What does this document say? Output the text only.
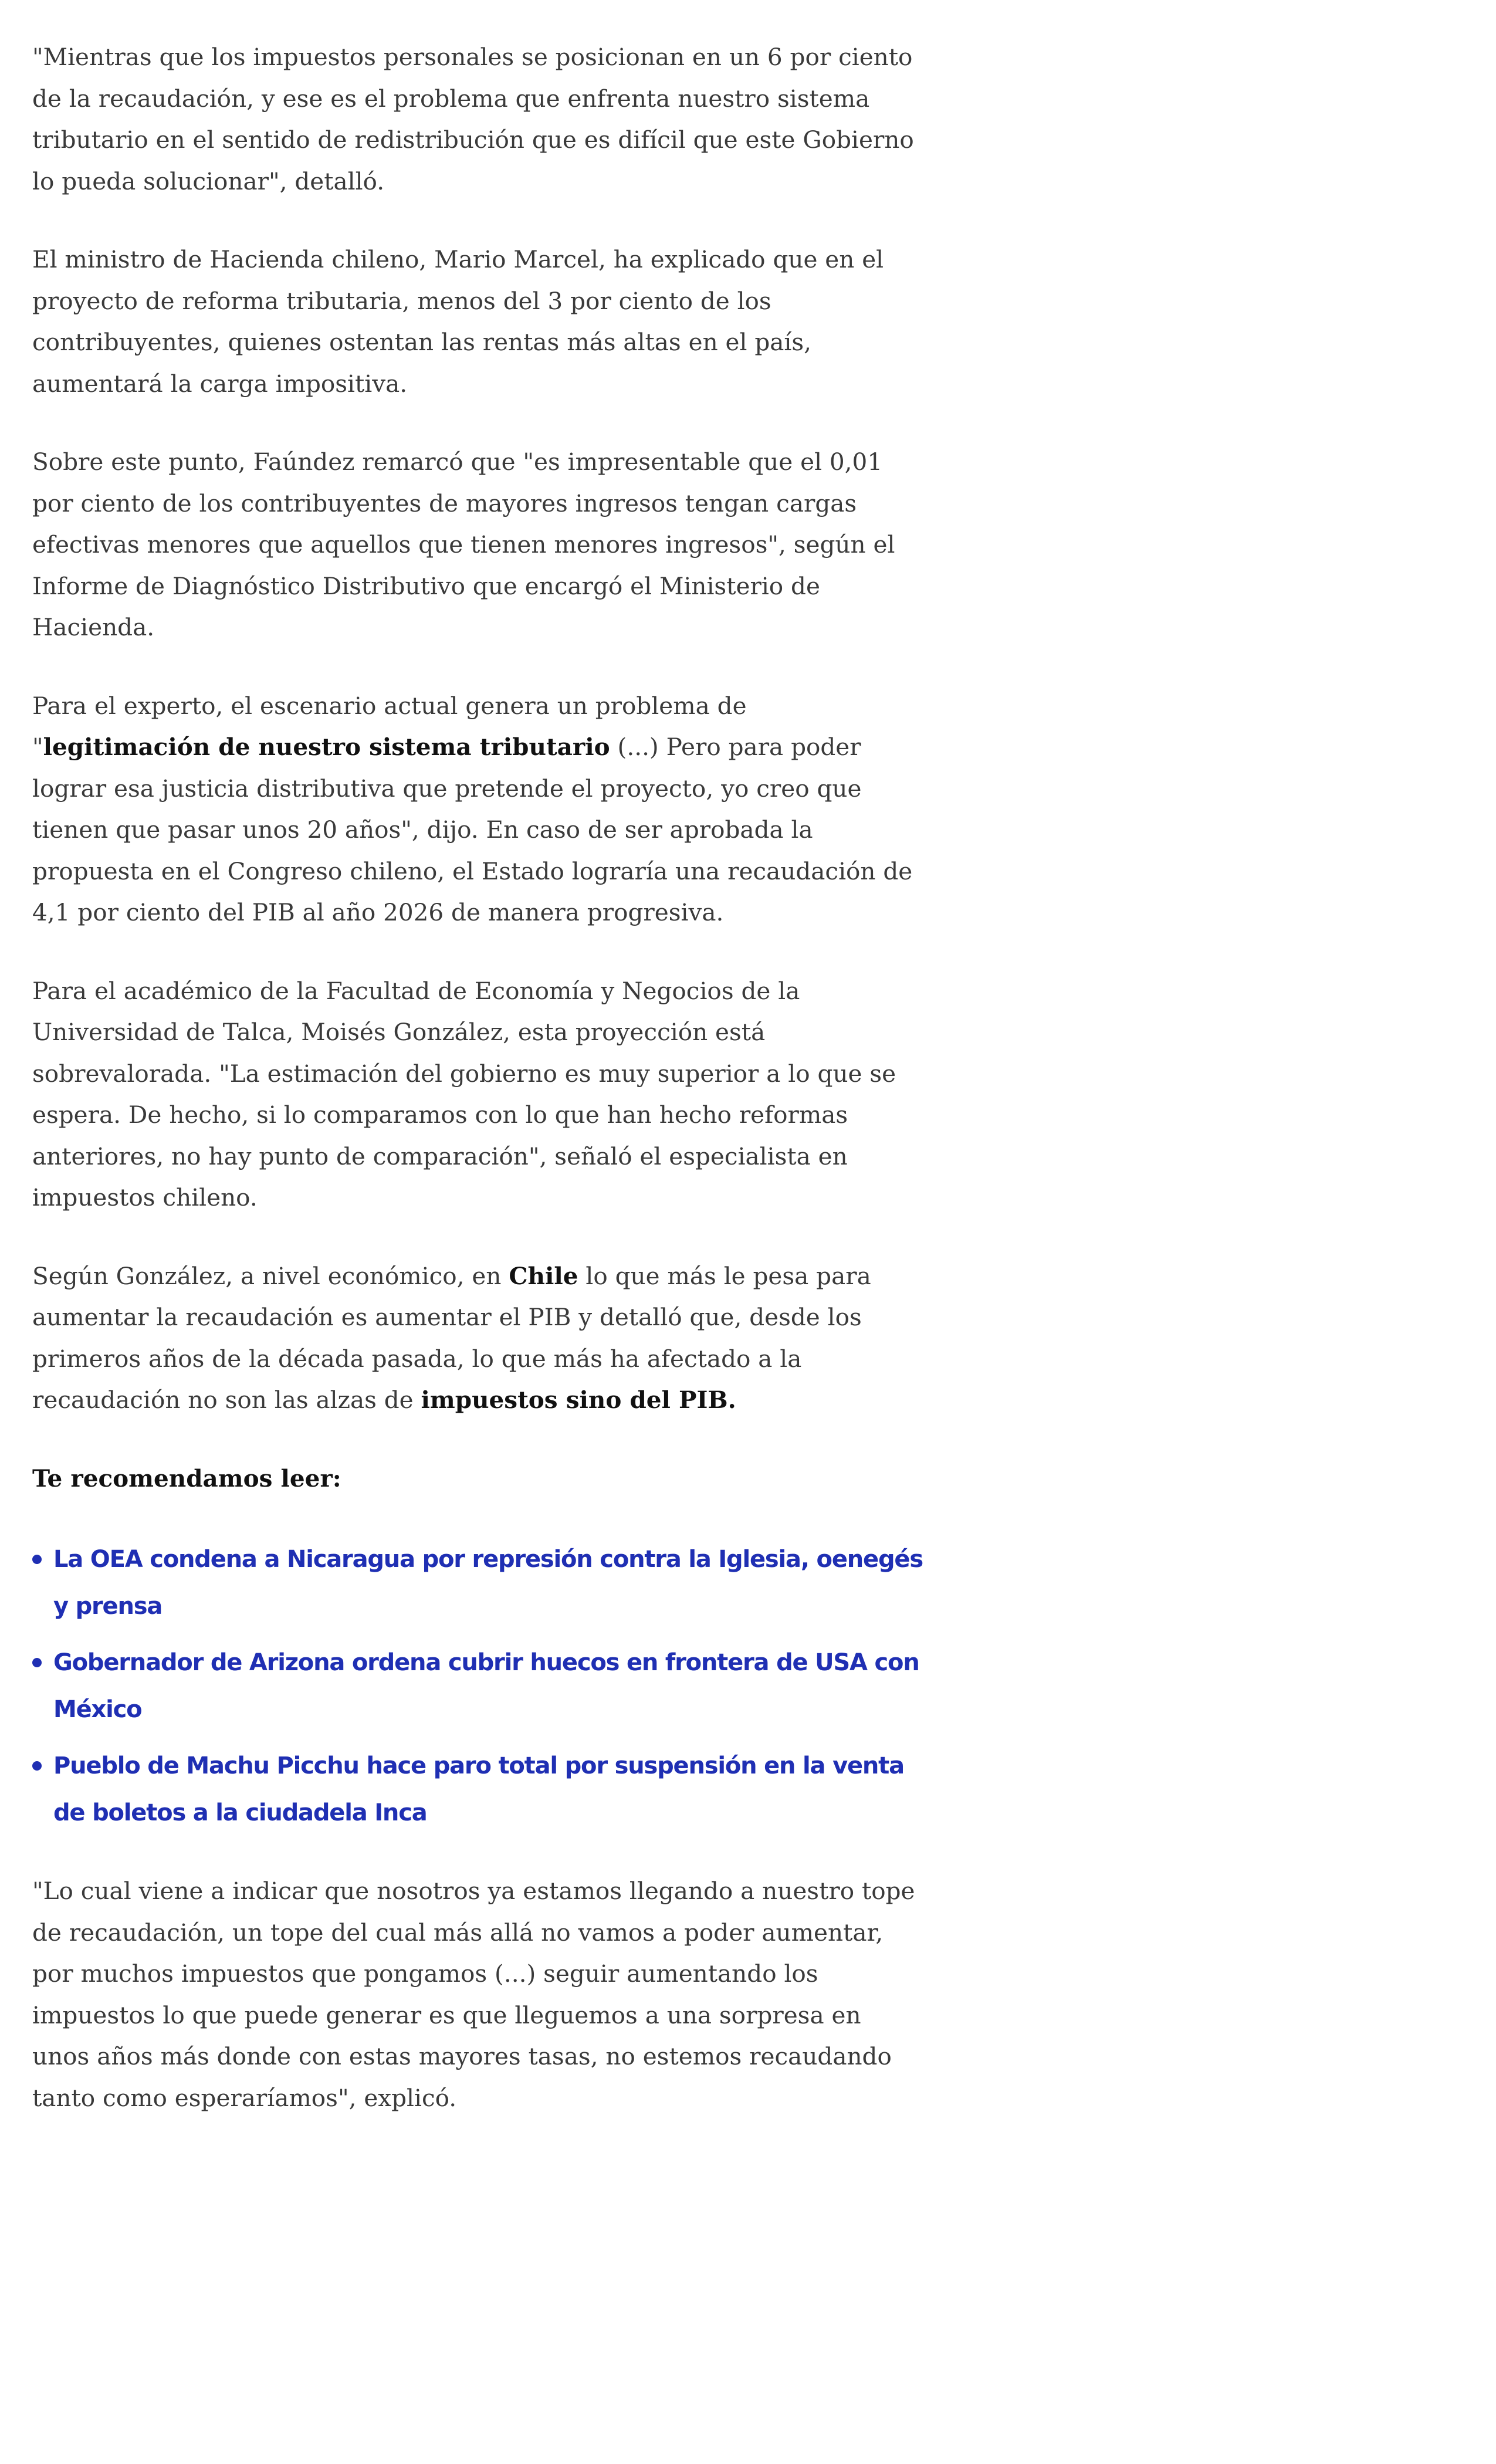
"Mientras que los impuestos personales se posicionan en un 6 por ciento de la recaudación, y ese es el problema que enfrenta nuestro sistema tributario en el sentido de redistribución que es difícil que este Gobierno lo pueda solucionar", detalló.

El ministro de Hacienda chileno, Mario Marcel, ha explicado que en el proyecto de reforma tributaria, menos del 3 por ciento de los contribuyentes, quienes ostentan las rentas más altas en el país, aumentará la carga impositiva.

Sobre este punto, Faúndez remarcó que "es impresentable que el 0,01 por ciento de los contribuyentes de mayores ingresos tengan cargas efectivas menores que aquellos que tienen menores ingresos", según el Informe de Diagnóstico Distributivo que encargó el Ministerio de Hacienda.

Para el experto, el escenario actual genera un problema de "legitimación de nuestro sistema tributario (...) Pero para poder lograr esa justicia distributiva que pretende el proyecto, yo creo que tienen que pasar unos 20 años", dijo. En caso de ser aprobada la propuesta en el Congreso chileno, el Estado lograría una recaudación de 4,1 por ciento del PIB al año 2026 de manera progresiva.

Para el académico de la Facultad de Economía y Negocios de la Universidad de Talca, Moisés González, esta proyección está sobrevalorada. "La estimación del gobierno es muy superior a lo que se espera. De hecho, si lo comparamos con lo que han hecho reformas anteriores, no hay punto de comparación", señaló el especialista en impuestos chileno.

Según González, a nivel económico, en Chile lo que más le pesa para aumentar la recaudación es aumentar el PIB y detalló que, desde los primeros años de la década pasada, lo que más ha afectado a la recaudación no son las alzas de impuestos sino del PIB.

Te recomendamos leer:

La OEA condena a Nicaragua por represión contra la Iglesia, oenegés y prensa
Gobernador de Arizona ordena cubrir huecos en frontera de USA con México
Pueblo de Machu Picchu hace paro total por suspensión en la venta de boletos a la ciudadela Inca

"Lo cual viene a indicar que nosotros ya estamos llegando a nuestro tope de recaudación, un tope del cual más allá no vamos a poder aumentar, por muchos impuestos que pongamos (...) seguir aumentando los impuestos lo que puede generar es que lleguemos a una sorpresa en unos años más donde con estas mayores tasas, no estemos recaudando tanto como esperaríamos", explicó.
